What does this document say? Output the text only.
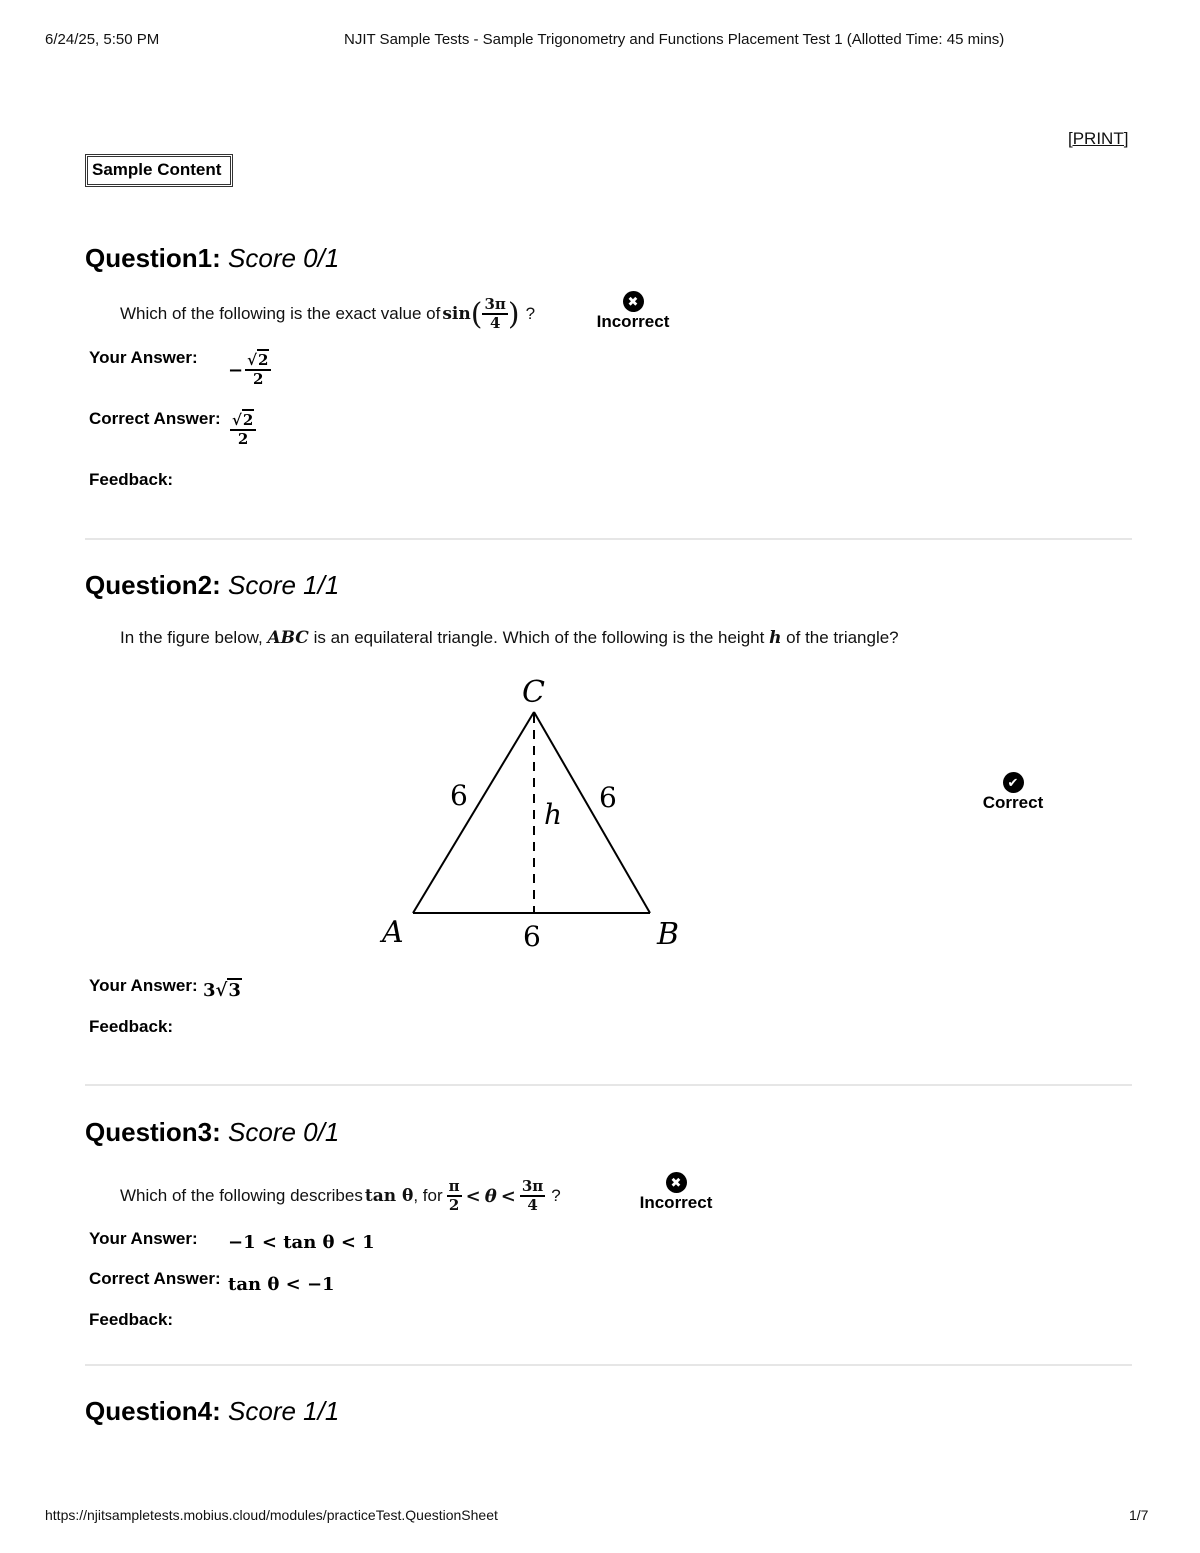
6/24/25, 5:50 PM	NJIT Sample Tests - Sample Trigonometry and Functions Placement Test 1 (Allotted Time: 45 mins)
https://njitsampletests.mobius.cloud/modules/practiceTest.QuestionSheet	1/7
[PRINT]
Sample Content
Question1: Score 0/1
Which of the following is the exact value of sin ( $\frac{3\pi}{4}$ ) ?
✖
Incorrect
Your Answer:
− $\frac{√2}{2}$
Correct Answer: $\frac{√2}{2}$
Feedback:
Question2: Score 1/1
In the figure below, ABC is an equilateral triangle. Which of the following is the height h of the triangle?
C
A	B
6	6
6
h
✔
Correct
Your Answer: 3√3
Feedback:
Question3: Score 0/1
Which of the following describes tan θ , for $\frac{\pi}{2} < \theta < \frac{3\pi}{4}$ ?
✖
Incorrect
Your Answer: −1 < tan θ < 1
Correct Answer: tan θ < −1
Feedback:
Question4: Score 1/1
